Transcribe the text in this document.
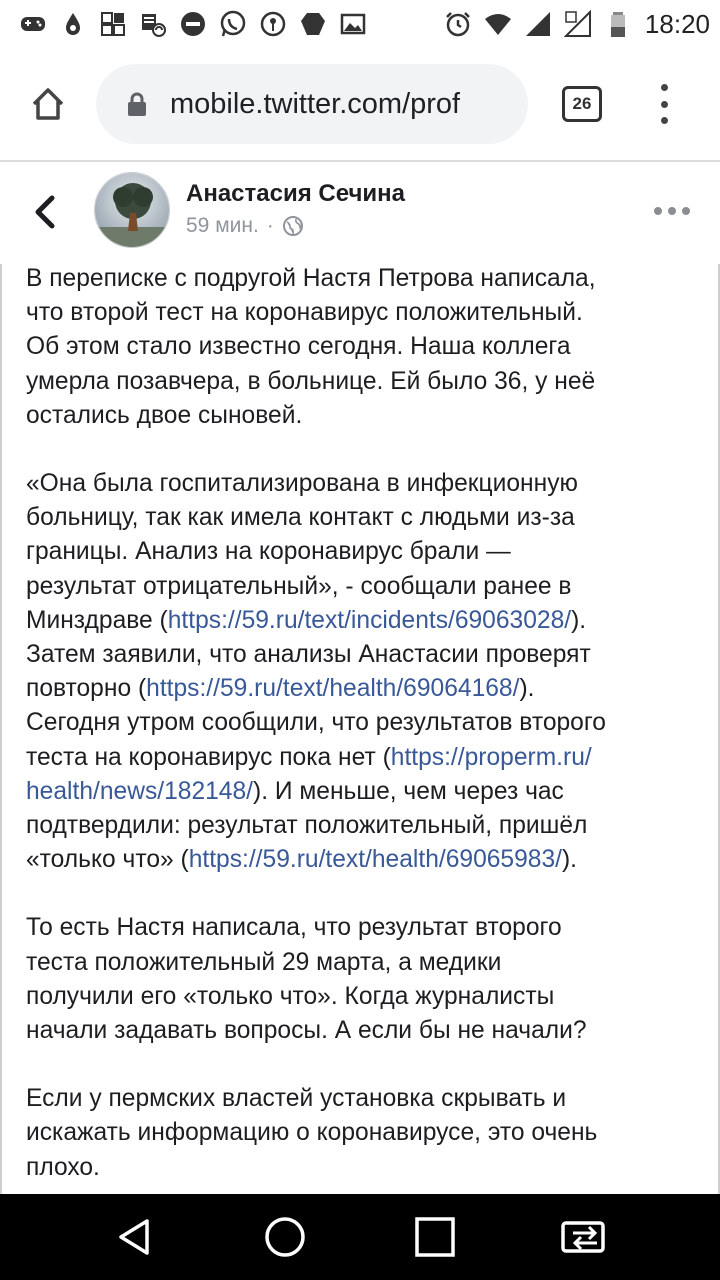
18:20
mobile.twitter.com/prof	26
Анастасия Сечина
59 мин. ·

В переписке с подругой Настя Петрова написала,
что второй тест на коронавирус положительный.
Об этом стало известно сегодня. Наша коллега
умерла позавчера, в больнице. Ей было 36, у неё
остались двое сыновей.

«Она была госпитализирована в инфекционную
больницу, так как имела контакт с людьми из-за
границы. Анализ на коронавирус брали —
результат отрицательный», - сообщали ранее в
Минздраве (https://59.ru/text/incidents/69063028/).
Затем заявили, что анализы Анастасии проверят
повторно (https://59.ru/text/health/69064168/).
Сегодня утром сообщили, что результатов второго
теста на коронавирус пока нет (https://properm.ru/
health/news/182148/). И меньше, чем через час
подтвердили: результат положительный, пришёл
«только что» (https://59.ru/text/health/69065983/).

То есть Настя написала, что результат второго
теста положительный 29 марта, а медики
получили его «только что». Когда журналисты
начали задавать вопросы. А если бы не начали?

Если у пермских властей установка скрывать и
искажать информацию о коронавирусе, это очень
плохо.
